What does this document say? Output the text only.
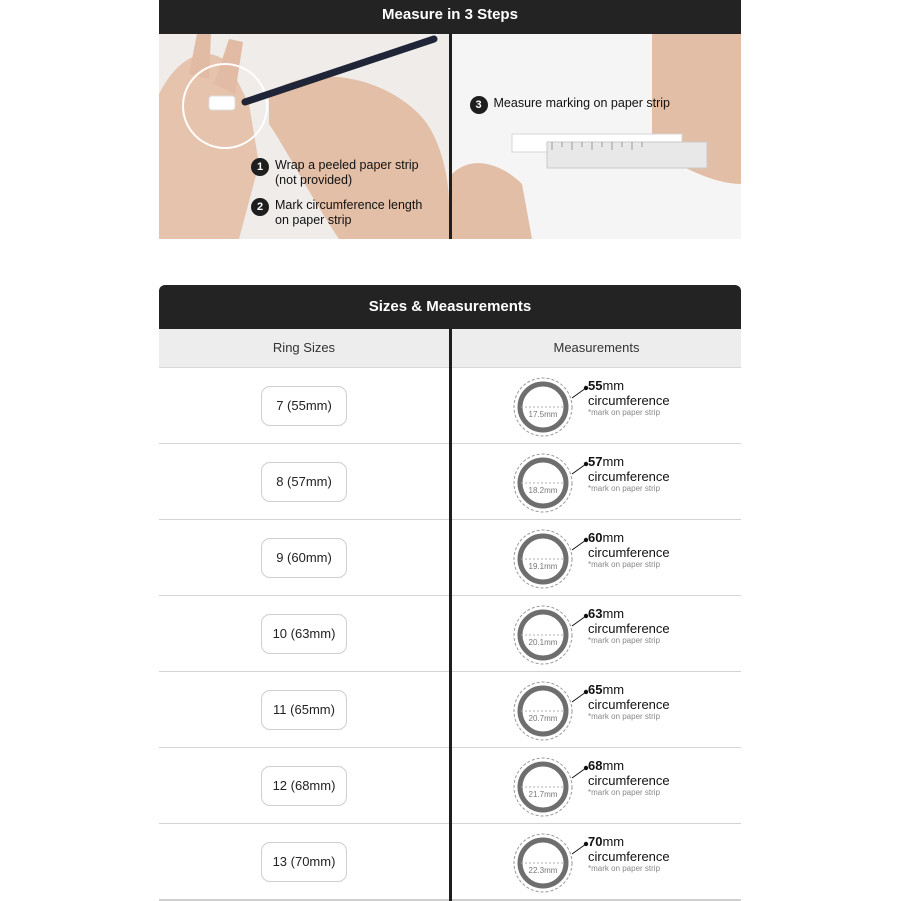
Measure in 3 Steps
1 Wrap a peeled paper strip
(not provided)
2 Mark circumference length
on paper strip
3 Measure marking on paper strip
Sizes & Measurements
Ring Sizes	Measurements
7 (55mm)
17.5mm
55mm
circumference
*mark on paper strip
8 (57mm)
18.2mm
57mm
circumference
*mark on paper strip
9 (60mm)
19.1mm
60mm
circumference
*mark on paper strip
10 (63mm)
20.1mm
63mm
circumference
*mark on paper strip
11 (65mm)
20.7mm
65mm
circumference
*mark on paper strip
12 (68mm)
21.7mm
68mm
circumference
*mark on paper strip
13 (70mm)
22.3mm
70mm
circumference
*mark on paper strip
